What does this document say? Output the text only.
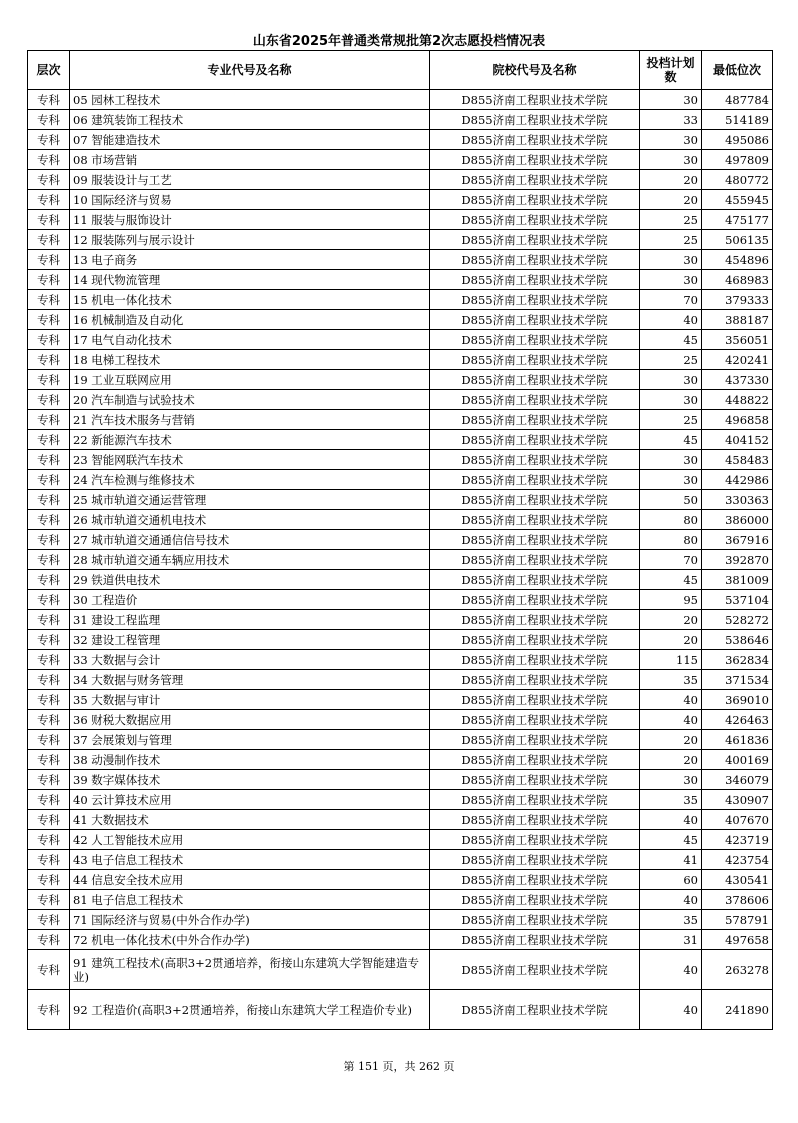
山东省2025年普通类常规批第2次志愿投档情况表
层次	专业代号及名称	院校代号及名称	投档计划数	最低位次
专科	05 园林工程技术	D855济南工程职业技术学院	30	487784
专科	06 建筑装饰工程技术	D855济南工程职业技术学院	33	514189
专科	07 智能建造技术	D855济南工程职业技术学院	30	495086
专科	08 市场营销	D855济南工程职业技术学院	30	497809
专科	09 服装设计与工艺	D855济南工程职业技术学院	20	480772
专科	10 国际经济与贸易	D855济南工程职业技术学院	20	455945
专科	11 服装与服饰设计	D855济南工程职业技术学院	25	475177
专科	12 服装陈列与展示设计	D855济南工程职业技术学院	25	506135
专科	13 电子商务	D855济南工程职业技术学院	30	454896
专科	14 现代物流管理	D855济南工程职业技术学院	30	468983
专科	15 机电一体化技术	D855济南工程职业技术学院	70	379333
专科	16 机械制造及自动化	D855济南工程职业技术学院	40	388187
专科	17 电气自动化技术	D855济南工程职业技术学院	45	356051
专科	18 电梯工程技术	D855济南工程职业技术学院	25	420241
专科	19 工业互联网应用	D855济南工程职业技术学院	30	437330
专科	20 汽车制造与试验技术	D855济南工程职业技术学院	30	448822
专科	21 汽车技术服务与营销	D855济南工程职业技术学院	25	496858
专科	22 新能源汽车技术	D855济南工程职业技术学院	45	404152
专科	23 智能网联汽车技术	D855济南工程职业技术学院	30	458483
专科	24 汽车检测与维修技术	D855济南工程职业技术学院	30	442986
专科	25 城市轨道交通运营管理	D855济南工程职业技术学院	50	330363
专科	26 城市轨道交通机电技术	D855济南工程职业技术学院	80	386000
专科	27 城市轨道交通通信信号技术	D855济南工程职业技术学院	80	367916
专科	28 城市轨道交通车辆应用技术	D855济南工程职业技术学院	70	392870
专科	29 铁道供电技术	D855济南工程职业技术学院	45	381009
专科	30 工程造价	D855济南工程职业技术学院	95	537104
专科	31 建设工程监理	D855济南工程职业技术学院	20	528272
专科	32 建设工程管理	D855济南工程职业技术学院	20	538646
专科	33 大数据与会计	D855济南工程职业技术学院	115	362834
专科	34 大数据与财务管理	D855济南工程职业技术学院	35	371534
专科	35 大数据与审计	D855济南工程职业技术学院	40	369010
专科	36 财税大数据应用	D855济南工程职业技术学院	40	426463
专科	37 会展策划与管理	D855济南工程职业技术学院	20	461836
专科	38 动漫制作技术	D855济南工程职业技术学院	20	400169
专科	39 数字媒体技术	D855济南工程职业技术学院	30	346079
专科	40 云计算技术应用	D855济南工程职业技术学院	35	430907
专科	41 大数据技术	D855济南工程职业技术学院	40	407670
专科	42 人工智能技术应用	D855济南工程职业技术学院	45	423719
专科	43 电子信息工程技术	D855济南工程职业技术学院	41	423754
专科	44 信息安全技术应用	D855济南工程职业技术学院	60	430541
专科	81 电子信息工程技术	D855济南工程职业技术学院	40	378606
专科	71 国际经济与贸易(中外合作办学)	D855济南工程职业技术学院	35	578791
专科	72 机电一体化技术(中外合作办学)	D855济南工程职业技术学院	31	497658
专科	91 建筑工程技术(高职3+2贯通培养，衔接山东建筑大学智能建造专业)	D855济南工程职业技术学院	40	263278
专科	92 工程造价(高职3+2贯通培养，衔接山东建筑大学工程造价专业)	D855济南工程职业技术学院	40	241890
第 151 页，共 262 页
